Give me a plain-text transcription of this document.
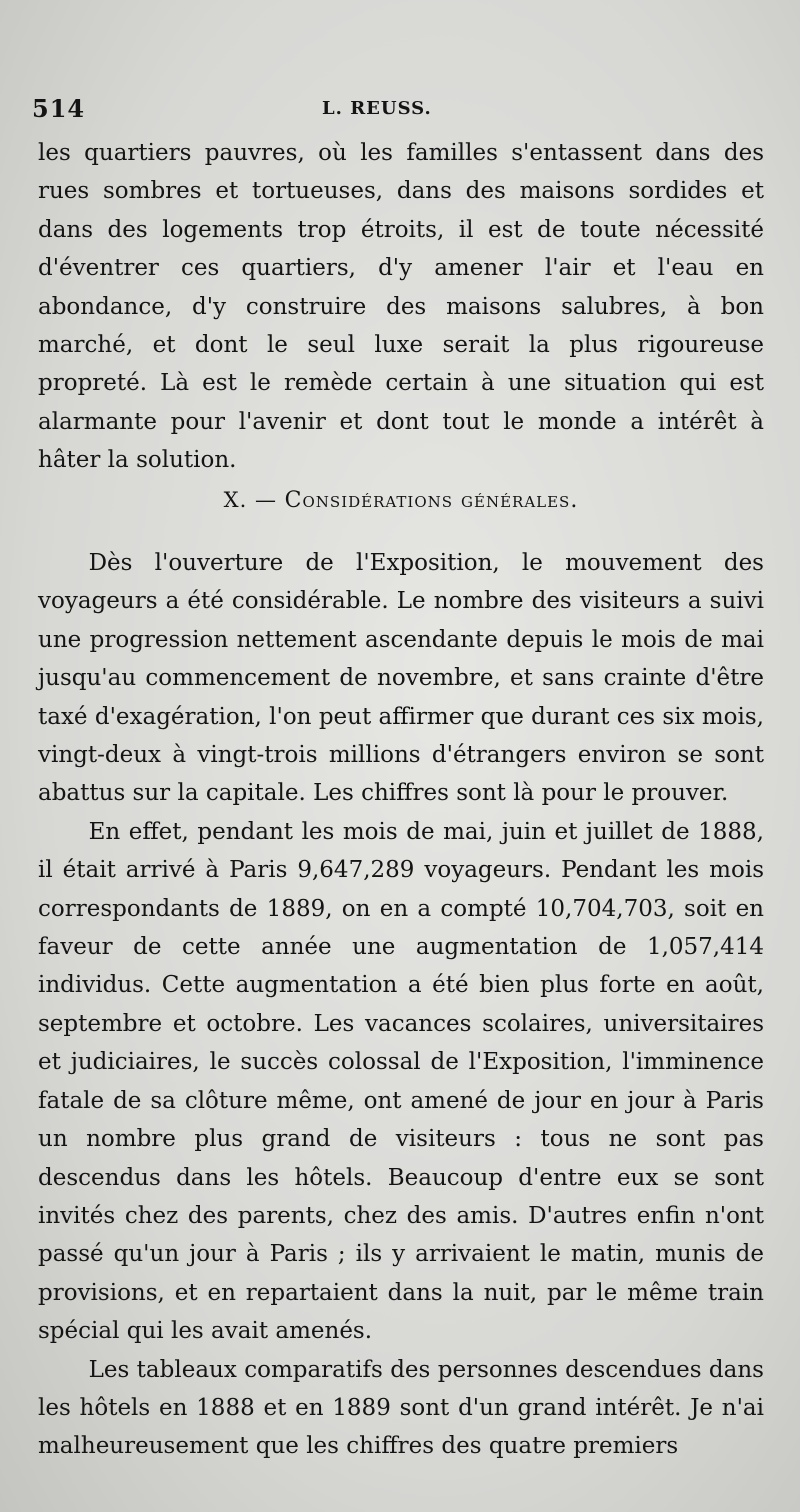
514	L. REUSS.

les quartiers pauvres, où les familles s'entassent dans des rues sombres et tortueuses, dans des maisons sordides et dans des logements trop étroits, il est de toute nécessité d'éventrer ces quartiers, d'y amener l'air et l'eau en abondance, d'y construire des maisons salubres, à bon marché, et dont le seul luxe serait la plus rigoureuse propreté. Là est le remède certain à une situation qui est alarmante pour l'avenir et dont tout le monde a intérêt à hâter la solution.

X. — Considérations générales.

Dès l'ouverture de l'Exposition, le mouvement des voyageurs a été considérable. Le nombre des visiteurs a suivi une progression nettement ascendante depuis le mois de mai jusqu'au commencement de novembre, et sans crainte d'être taxé d'exagération, l'on peut affirmer que durant ces six mois, vingt-deux à vingt-trois millions d'étrangers environ se sont abattus sur la capitale. Les chiffres sont là pour le prouver.

En effet, pendant les mois de mai, juin et juillet de 1888, il était arrivé à Paris 9,647,289 voyageurs. Pendant les mois correspondants de 1889, on en a compté 10,704,703, soit en faveur de cette année une augmentation de 1,057,414 individus. Cette augmentation a été bien plus forte en août, septembre et octobre. Les vacances scolaires, universitaires et judiciaires, le succès colossal de l'Exposition, l'imminence fatale de sa clôture même, ont amené de jour en jour à Paris un nombre plus grand de visiteurs : tous ne sont pas descendus dans les hôtels. Beaucoup d'entre eux se sont invités chez des parents, chez des amis. D'autres enfin n'ont passé qu'un jour à Paris ; ils y arrivaient le matin, munis de provisions, et en repartaient dans la nuit, par le même train spécial qui les avait amenés.

Les tableaux comparatifs des personnes descendues dans les hôtels en 1888 et en 1889 sont d'un grand intérêt. Je n'ai malheureusement que les chiffres des quatre premiers
